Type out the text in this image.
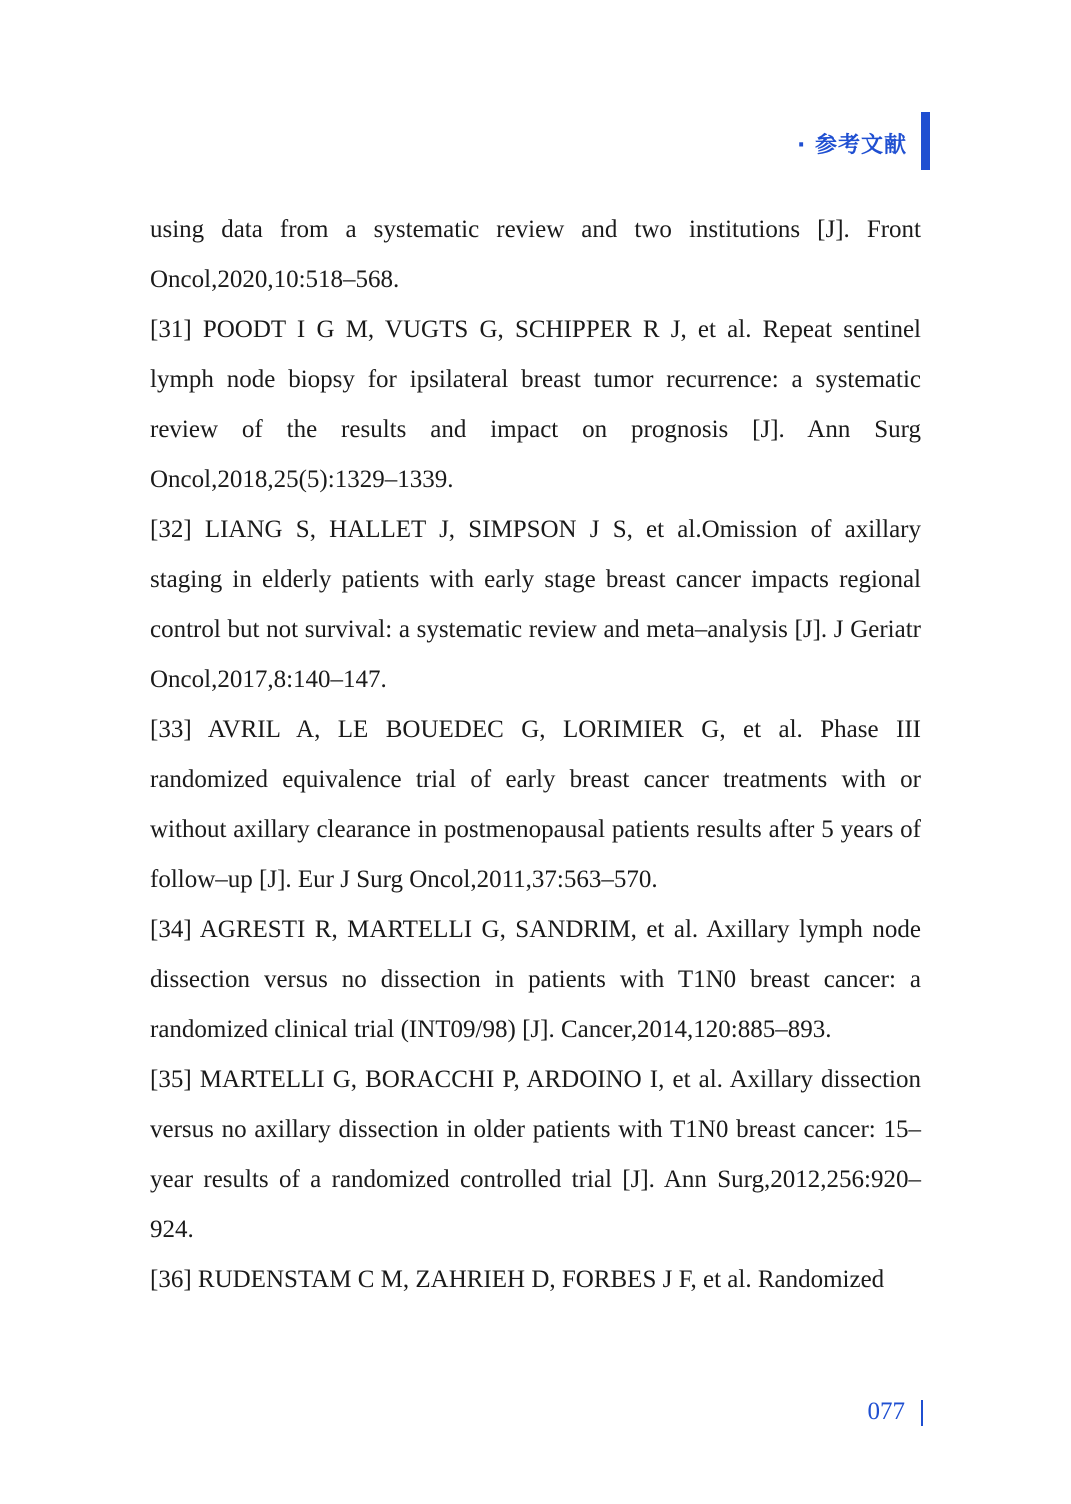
· 参考文献

using data from a systematic review and two institutions [J]. Front Oncol,2020,10:518–568.

[31] POODT I G M, VUGTS G, SCHIPPER R J, et al. Repeat sentinel lymph node biopsy for ipsilateral breast tumor recurrence: a systematic review of the results and impact on prognosis [J]. Ann Surg Oncol,2018,25(5):1329–1339.

[32] LIANG S, HALLET J, SIMPSON J S, et al.Omission of axillary staging in elderly patients with early stage breast cancer impacts regional control but not survival: a systematic review and meta–analysis [J]. J Geriatr Oncol,2017,8:140–147.

[33] AVRIL A, LE BOUEDEC G, LORIMIER G, et al. Phase III randomized equivalence trial of early breast cancer treatments with or without axillary clearance in postmenopausal patients results after 5 years of follow–up [J]. Eur J Surg Oncol,2011,37:563–570.

[34] AGRESTI R, MARTELLI G, SANDRIM, et al. Axillary lymph node dissection versus no dissection in patients with T1N0 breast cancer: a randomized clinical trial (INT09/98) [J]. Cancer,2014,120:885–893.

[35] MARTELLI G, BORACCHI P, ARDOINO I, et al. Axillary dissection versus no axillary dissection in older patients with T1N0 breast cancer: 15–year results of a randomized controlled trial [J]. Ann Surg,2012,256:920–924.

[36] RUDENSTAM C M, ZAHRIEH D, FORBES J F, et al. Randomized

077
